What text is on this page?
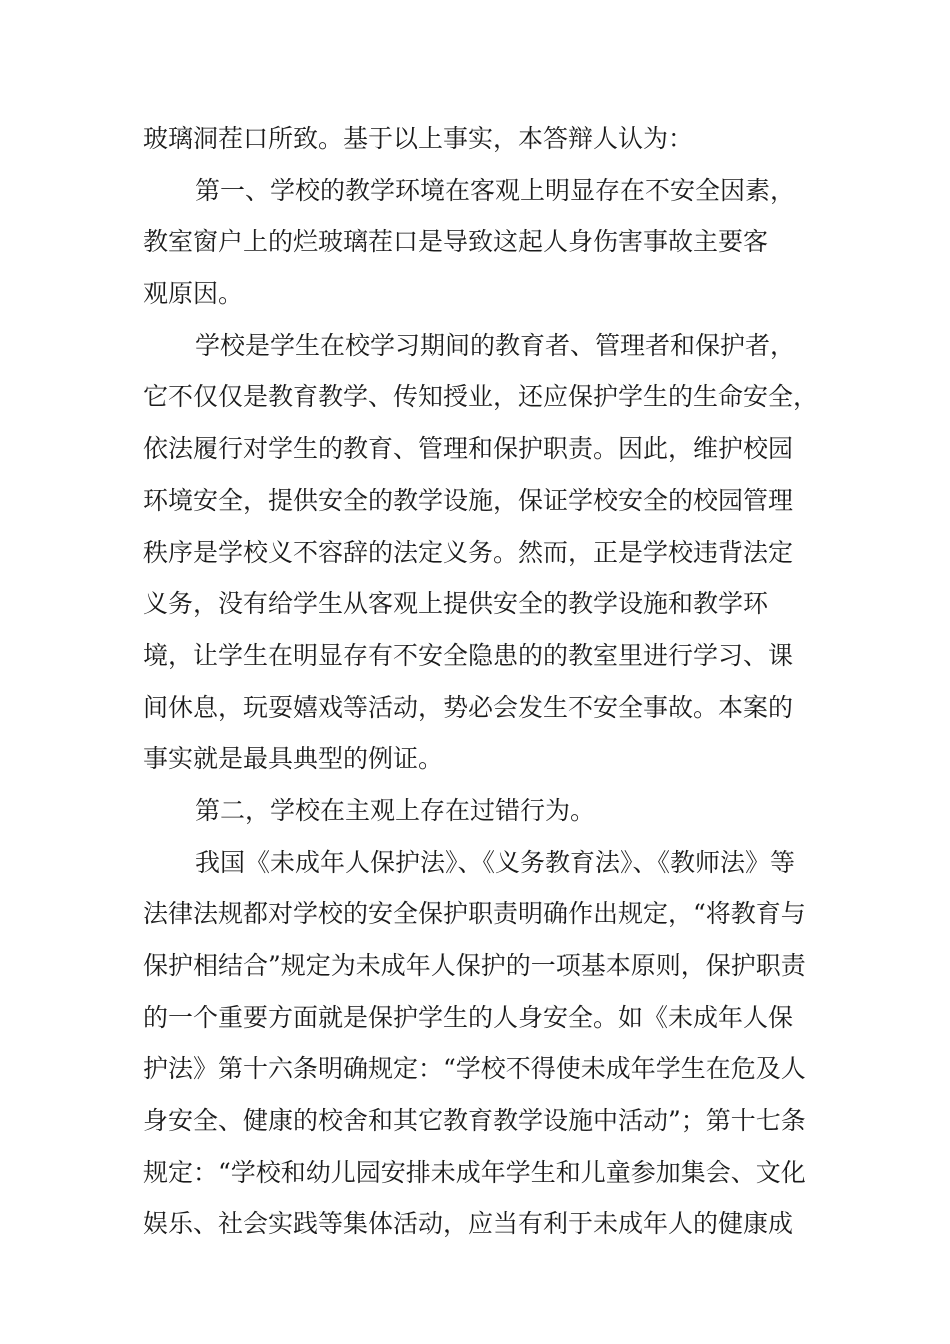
玻璃洞茬口所致。基于以上事实，本答辩人认为：
第一、学校的教学环境在客观上明显存在不安全因素，
教室窗户上的烂玻璃茬口是导致这起人身伤害事故主要客
观原因。
学校是学生在校学习期间的教育者、管理者和保护者，
它不仅仅是教育教学、传知授业，还应保护学生的生命安全，
依法履行对学生的教育、管理和保护职责。因此，维护校园
环境安全，提供安全的教学设施，保证学校安全的校园管理
秩序是学校义不容辞的法定义务。然而，正是学校违背法定
义务，没有给学生从客观上提供安全的教学设施和教学环
境，让学生在明显存有不安全隐患的的教室里进行学习、课
间休息，玩耍嬉戏等活动，势必会发生不安全事故。本案的
事实就是最具典型的例证。
第二，学校在主观上存在过错行为。
我国《未成年人保护法》、《义务教育法》、《教师法》等
法律法规都对学校的安全保护职责明确作出规定，“将教育与
保护相结合”规定为未成年人保护的一项基本原则，保护职责
的一个重要方面就是保护学生的人身安全。如《未成年人保
护法》第十六条明确规定：“学校不得使未成年学生在危及人
身安全、健康的校舍和其它教育教学设施中活动”；第十七条
规定：“学校和幼儿园安排未成年学生和儿童参加集会、文化
娱乐、社会实践等集体活动，应当有利于未成年人的健康成
